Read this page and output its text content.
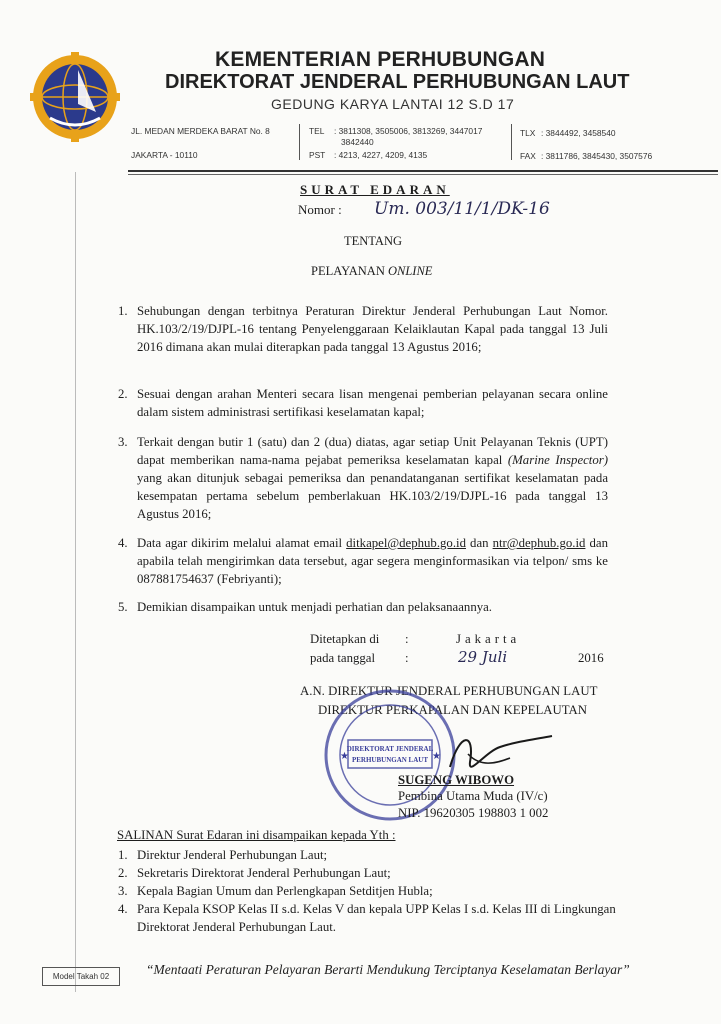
KEMENTERIAN PERHUBUNGAN
DIREKTORAT JENDERAL PERHUBUNGAN LAUT
GEDUNG KARYA LANTAI 12 S.D 17
JL. MEDAN MERDEKA BARAT No. 8
JAKARTA - 10110
TEL : 3811308, 3505006, 3813269, 3447017
3842440
PST : 4213, 4227, 4209, 4135
TLX : 3844492, 3458540
FAX : 3811786, 3845430, 3507576
SURAT EDARAN
Nomor : Um. 003/11/1/DK-16
TENTANG
PELAYANAN ONLINE
1. Sehubungan dengan terbitnya Peraturan Direktur Jenderal Perhubungan Laut Nomor. HK.103/2/19/DJPL-16 tentang Penyelenggaraan Kelaiklautan Kapal pada tanggal 13 Juli 2016 dimana akan mulai diterapkan pada tanggal 13 Agustus 2016;
2. Sesuai dengan arahan Menteri secara lisan mengenai pemberian pelayanan secara online dalam sistem administrasi sertifikasi keselamatan kapal;
3. Terkait dengan butir 1 (satu) dan 2 (dua) diatas, agar setiap Unit Pelayanan Teknis (UPT) dapat memberikan nama-nama pejabat pemeriksa keselamatan kapal (Marine Inspector) yang akan ditunjuk sebagai pemeriksa dan penandatanganan sertifikat keselamatan pada kesempatan pertama sebelum pemberlakuan HK.103/2/19/DJPL-16 pada tanggal 13 Agustus 2016;
4. Data agar dikirim melalui alamat email ditkapel@dephub.go.id dan ntr@dephub.go.id dan apabila telah mengirimkan data tersebut, agar segera menginformasikan via telpon/ sms ke 087881754637 (Febriyanti);
5. Demikian disampaikan untuk menjadi perhatian dan pelaksanaannya.
Ditetapkan di :	Jakarta
pada tanggal :	29 Juli	2016
A.N. DIREKTUR JENDERAL PERHUBUNGAN LAUT
DIREKTUR PERKAPALAN DAN KEPELAUTAN
DIREKTORAT JENDERAL
PERHUBUNGAN LAUT
★	★
SUGENG WIBOWO
Pembina Utama Muda (IV/c)
NIP. 19620305 198803 1 002
SALINAN Surat Edaran ini disampaikan kepada Yth :
1. Direktur Jenderal Perhubungan Laut;
2. Sekretaris Direktorat Jenderal Perhubungan Laut;
3. Kepala Bagian Umum dan Perlengkapan Setditjen Hubla;
4. Para Kepala KSOP Kelas II s.d. Kelas V dan kepala UPP Kelas I s.d. Kelas III di Lingkungan Direktorat Jenderal Perhubungan Laut.
Model Takah 02	“Mentaati Peraturan Pelayaran Berarti Mendukung Terciptanya Keselamatan Berlayar”
